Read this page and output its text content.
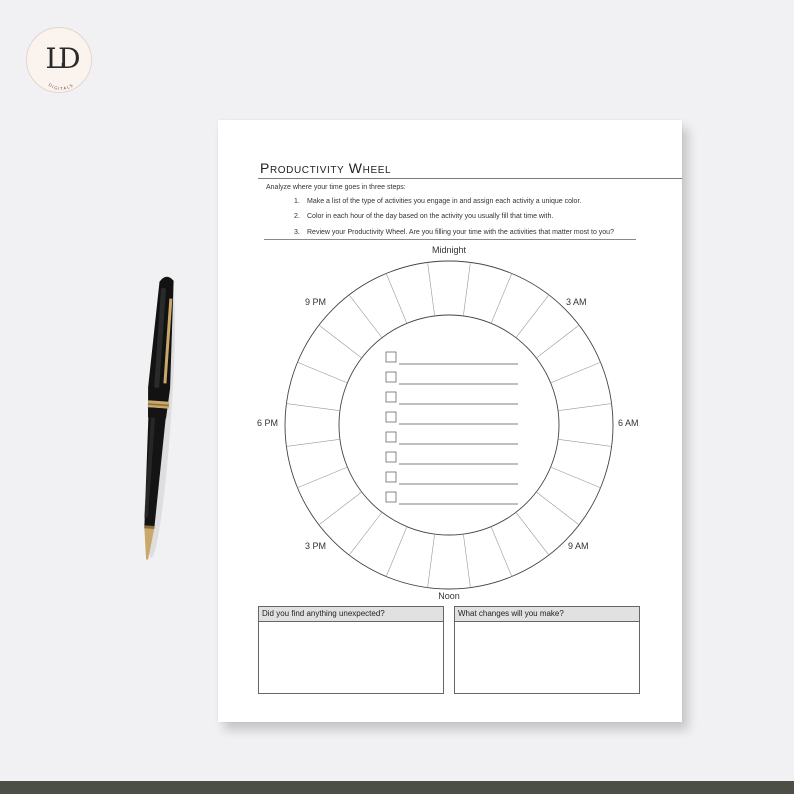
DIGITALS
LD
Productivity Wheel
Analyze where your time goes in three steps:
1. Make a list of the type of activities you engage in and assign each activity a unique color.
2. Color in each hour of the day based on the activity you usually fill that time with.
3. Review your Productivity Wheel. Are you filling your time with the activities that matter most to you?
Midnight
3 AM
6 AM
9 AM
Noon
3 PM
6 PM
9 PM
Did you find anything unexpected?	What changes will you make?
